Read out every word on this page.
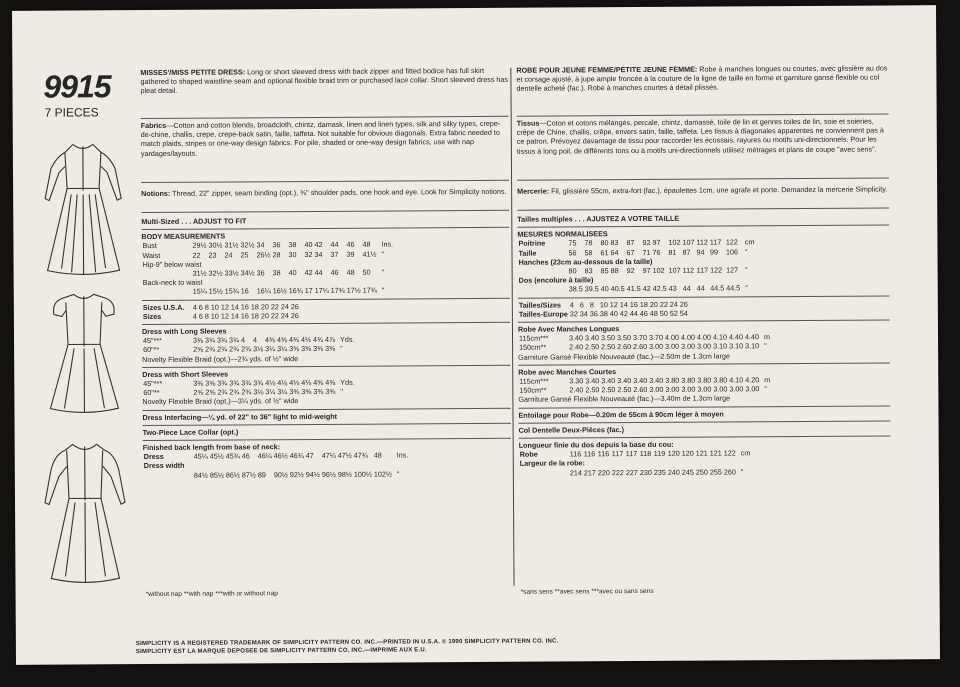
9915
7 PIECES
MISSES'/MISS PETITE DRESS: Long or short sleeved dress with back zipper and fitted bodice has full skirt gathered to shaped waistline seam and optional flexible braid trim or purchased lace collar. Short sleeved dress has pleat detail.
Fabrics—Cotton and cotton blends, broadcloth, chintz, damask, linen and linen types, silk and silky types, crepe-de-chine, challis, crepe, crepe-back satin, faille, taffeta. Not suitable for obvious diagonals. Extra fabric needed to match plaids, stripes or one-way design fabrics. For pile, shaded or one-way design fabrics, use with nap yardages/layouts.
Notions: Thread, 22" zipper, seam binding (opt.), ⅜" shoulder pads, one hook and eye. Look for Simplicity notions.
Multi-Sized . . . ADJUST TO FIT
BODY MEASUREMENTS
Bust	29½	30½	31½	32½	34	36	38	40	42	44	46	48	Ins.
Waist	22	23	24	25	26½	28	30	32	34	37	39	41½	"
Hip-9" below waist													
	31½	32½	33½	34½	36	38	40	42	44	46	48	50	"
Back-neck to waist													
	15¼	15½	15¾	16	16¼	16½	16¾	17	17¼	17⅜	17½	17¾	"
Sizes U.S.A.	4	6	8	10	12	14	16	18	20	22	24	26
Sizes	4	6	8	10	12	14	16	18	20	22	24	26
Dress with Long Sleeves
45"***	3⅜	3¾	3¾	3¾	4	4	4⅜	4⅜	4⅜	4½	4¾	4⅞	Yds.
60"**	2⅝	2¾	2¾	2¾	2¾	3⅛	3¼	3¼	3⅜	3⅜	3⅜	3⅜	"
Novelty Flexible Braid (opt.)—2¾ yds. of ½" wide
Dress with Short Sleeves
45"***	3⅜	3⅝	3¾	3¾	3¾	3¾	4⅛	4⅛	4⅛	4⅛	4⅜	4⅜	Yds.
60"**	2⅝	2⅝	2¾	2¾	2¾	3⅛	3¼	3¼	3⅜	3⅜	3⅜	3⅜	"
Novelty Flexible Braid (opt.)—3¼ yds. of ½" wide
Dress Interfacing—¼ yd. of 22" to 36" light to mid-weight
Two-Piece Lace Collar (opt.)
Finished back length from base of neck:
Dress	45¼	45½	45¾	46	46¼	46½	46¾	47	47¼	47½	47¾	48	Ins.
Dress width													
	84½	85½	86½	87½	89	90½	92½	94½	96½	98½	100½	102½	"
ROBE POUR JEUNE FEMME/PETITE JEUNE FEMME: Robe à manches longues ou courtes, avec glissière au dos et corsage ajusté, à jupe ample froncée à la couture de la ligne de taille en forme et garniture gansé flexible ou col dentelle acheté (fac.). Robe à manches courtes à détail plissés.
Tissus—Coton et cotons mélangés, percale, chintz, damassé, toile de lin et genres toiles de lin, soie et soieries, crêpe de Chine, challis, crêpe, envers satin, faille, taffeta. Les tissus à diagonales apparentes ne conviennent pas à ce patron. Prévoyez davantage de tissu pour raccorder les écossais, rayures ou motifs uni-directionnels. Pour les tissus à long poil, de différents tons ou à motifs uni-directionnels utilisez métrages et plans de coupe "avec sens".
Mercerie: Fil, glissière 55cm, extra-fort (fac.), épaulettes 1cm, une agrafe et porte. Demandez la mercerie Simplicity.
Tailles multiples . . . AJUSTEZ A VOTRE TAILLE
MESURES NORMALISEES
Poitrine	75	78	80	83	87	92	97	102	107	112	117	122	cm
Taille	56	58	61	64	67	71	76	81	87	94	99	106	"
Hanches (23cm au-dessous de la taille)													
	80	83	85	88	92	97	102	107	112	117	122	127	"
Dos (encolure à taille)													
	38.5	39.5	40	40.5	41.5	42	42.5	43	44	44	44.5	44.5	"
Tailles/Sizes	4	6	8	10	12	14	16	18	20	22	24	26
Tailles-Europe	32	34	36	38	40	42	44	46	48	50	52	54
Robe Avec Manches Longues
115cm***	3.40	3.40	3.50	3.50	3.70	3.70	4.00	4.00	4.00	4.10	4.40	4.40	m
150cm**	2.40	2.50	2.50	2.60	2.60	3.00	3.00	3.00	3.00	3.10	3.10	3.10	"
Garniture Gansé Flexible Nouveauté (fac.)—2.50m de 1.3cm large
Robe avec Manches Courtes
115cm***	3.30	3.40	3.40	3.40	3.40	3.40	3.80	3.80	3.80	3.80	4.10	4.20	m
150cm**	2.40	2.50	2.50	2.50	2.60	3.00	3.00	3.00	3.00	3.00	3.00	3.00	"
Garniture Gansé Flexible Nouveauté (fac.)—3.40m de 1.3cm large
Entoilage pour Robe—0.20m de 55cm à 90cm léger à moyen
Col Dentelle Deux-Pièces (fac.)
Longueur finie du dos depuis la base du cou:
Robe	116	116	116	117	117	118	119	120	120	121	121	122	cm
Largeur de la robe:													
	214	217	220	222	227	230	235	240	245	250	255	260	"
*without nap **with nap ***with or without nap	*sans sens **avec sens ***avec ou sans sens
SIMPLICITY IS A REGISTERED TRADEMARK OF SIMPLICITY PATTERN CO. INC.—PRINTED IN U.S.A. © 1990 SIMPLICITY PATTERN CO. INC.
SIMPLICITY EST LA MARQUE DEPOSEE DE SIMPLICITY PATTERN CO. INC.—IMPRIME AUX E.U.
